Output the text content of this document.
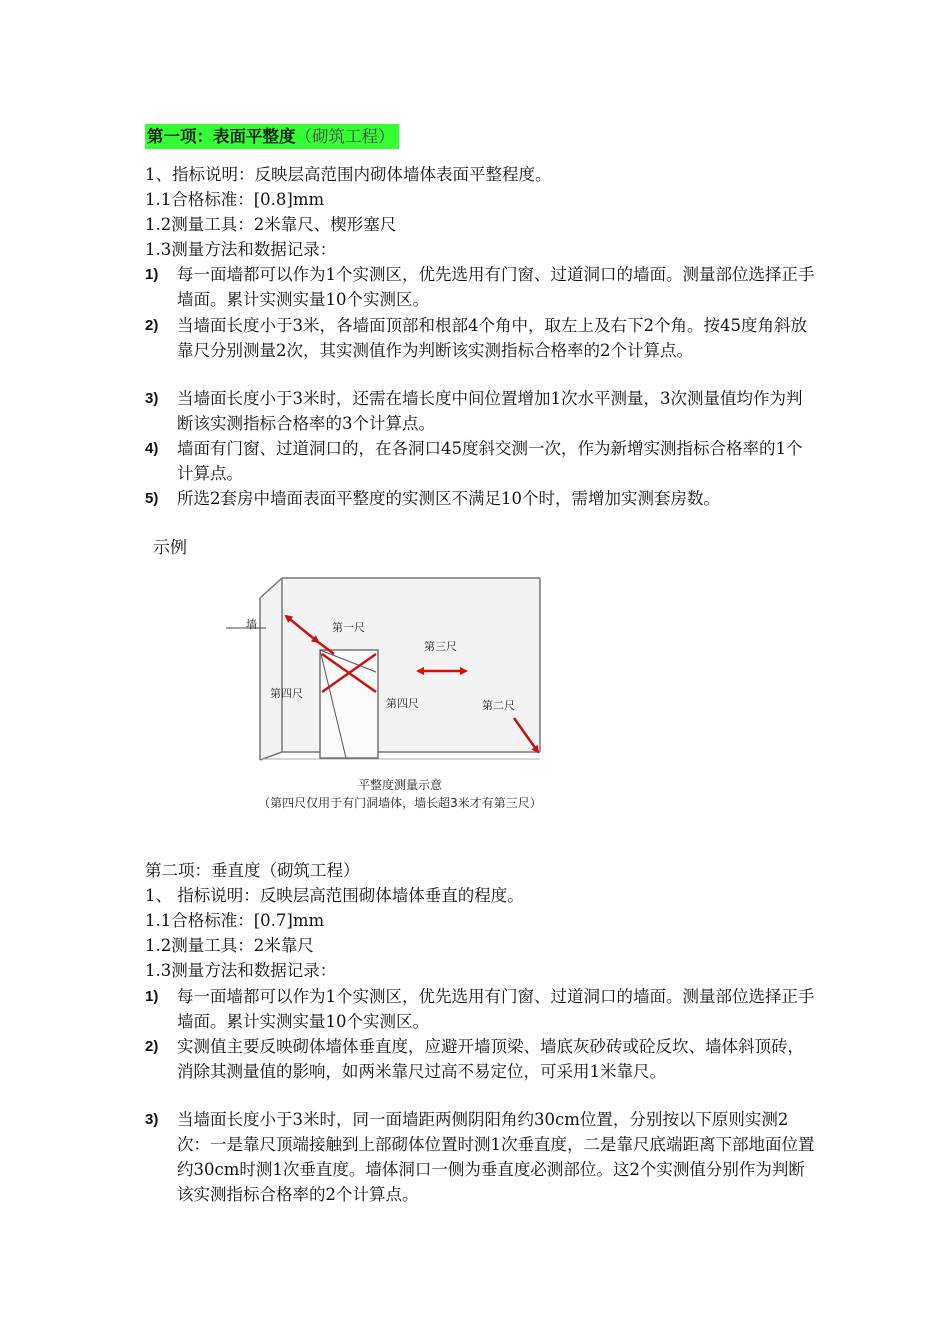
第一项：表面平整度（砌筑工程）
1、指标说明：反映层高范围内砌体墙体表面平整程度。
1.1合格标准：[0.8]mm
1.2测量工具：2米靠尺、楔形塞尺
1.3测量方法和数据记录：
1) 每一面墙都可以作为1个实测区，优先选用有门窗、过道洞口的墙面。测量部位选择正手墙面。累计实测实量10个实测区。
2) 当墙面长度小于3米，各墙面顶部和根部4个角中，取左上及右下2个角。按45度角斜放靠尺分别测量2次，其实测值作为判断该实测指标合格率的2个计算点。
3) 当墙面长度小于3米时，还需在墙长度中间位置增加1次水平测量，3次测量值均作为判断该实测指标合格率的3个计算点。
4) 墙面有门窗、过道洞口的，在各洞口45度斜交测一次，作为新增实测指标合格率的1个计算点。
5) 所选2套房中墙面表面平整度的实测区不满足10个时，需增加实测套房数。
示例
墙	第一尺
第三尺
第四尺
第四尺	第二尺
平整度测量示意
（第四尺仅用于有门洞墙体，墙长超3米才有第三尺）
第二项：垂直度（砌筑工程）
1、 指标说明：反映层高范围砌体墙体垂直的程度。
1.1合格标准：[0.7]mm
1.2测量工具：2米靠尺
1.3测量方法和数据记录：
1) 每一面墙都可以作为1个实测区，优先选用有门窗、过道洞口的墙面。测量部位选择正手墙面。累计实测实量10个实测区。
2) 实测值主要反映砌体墙体垂直度，应避开墙顶梁、墙底灰砂砖或砼反坎、墙体斜顶砖，消除其测量值的影响，如两米靠尺过高不易定位，可采用1米靠尺。
3) 当墙面长度小于3米时，同一面墙距两侧阴阳角约30cm位置，分别按以下原则实测2次：一是靠尺顶端接触到上部砌体位置时测1次垂直度，二是靠尺底端距离下部地面位置约30cm时测1次垂直度。墙体洞口一侧为垂直度必测部位。这2个实测值分别作为判断该实测指标合格率的2个计算点。
